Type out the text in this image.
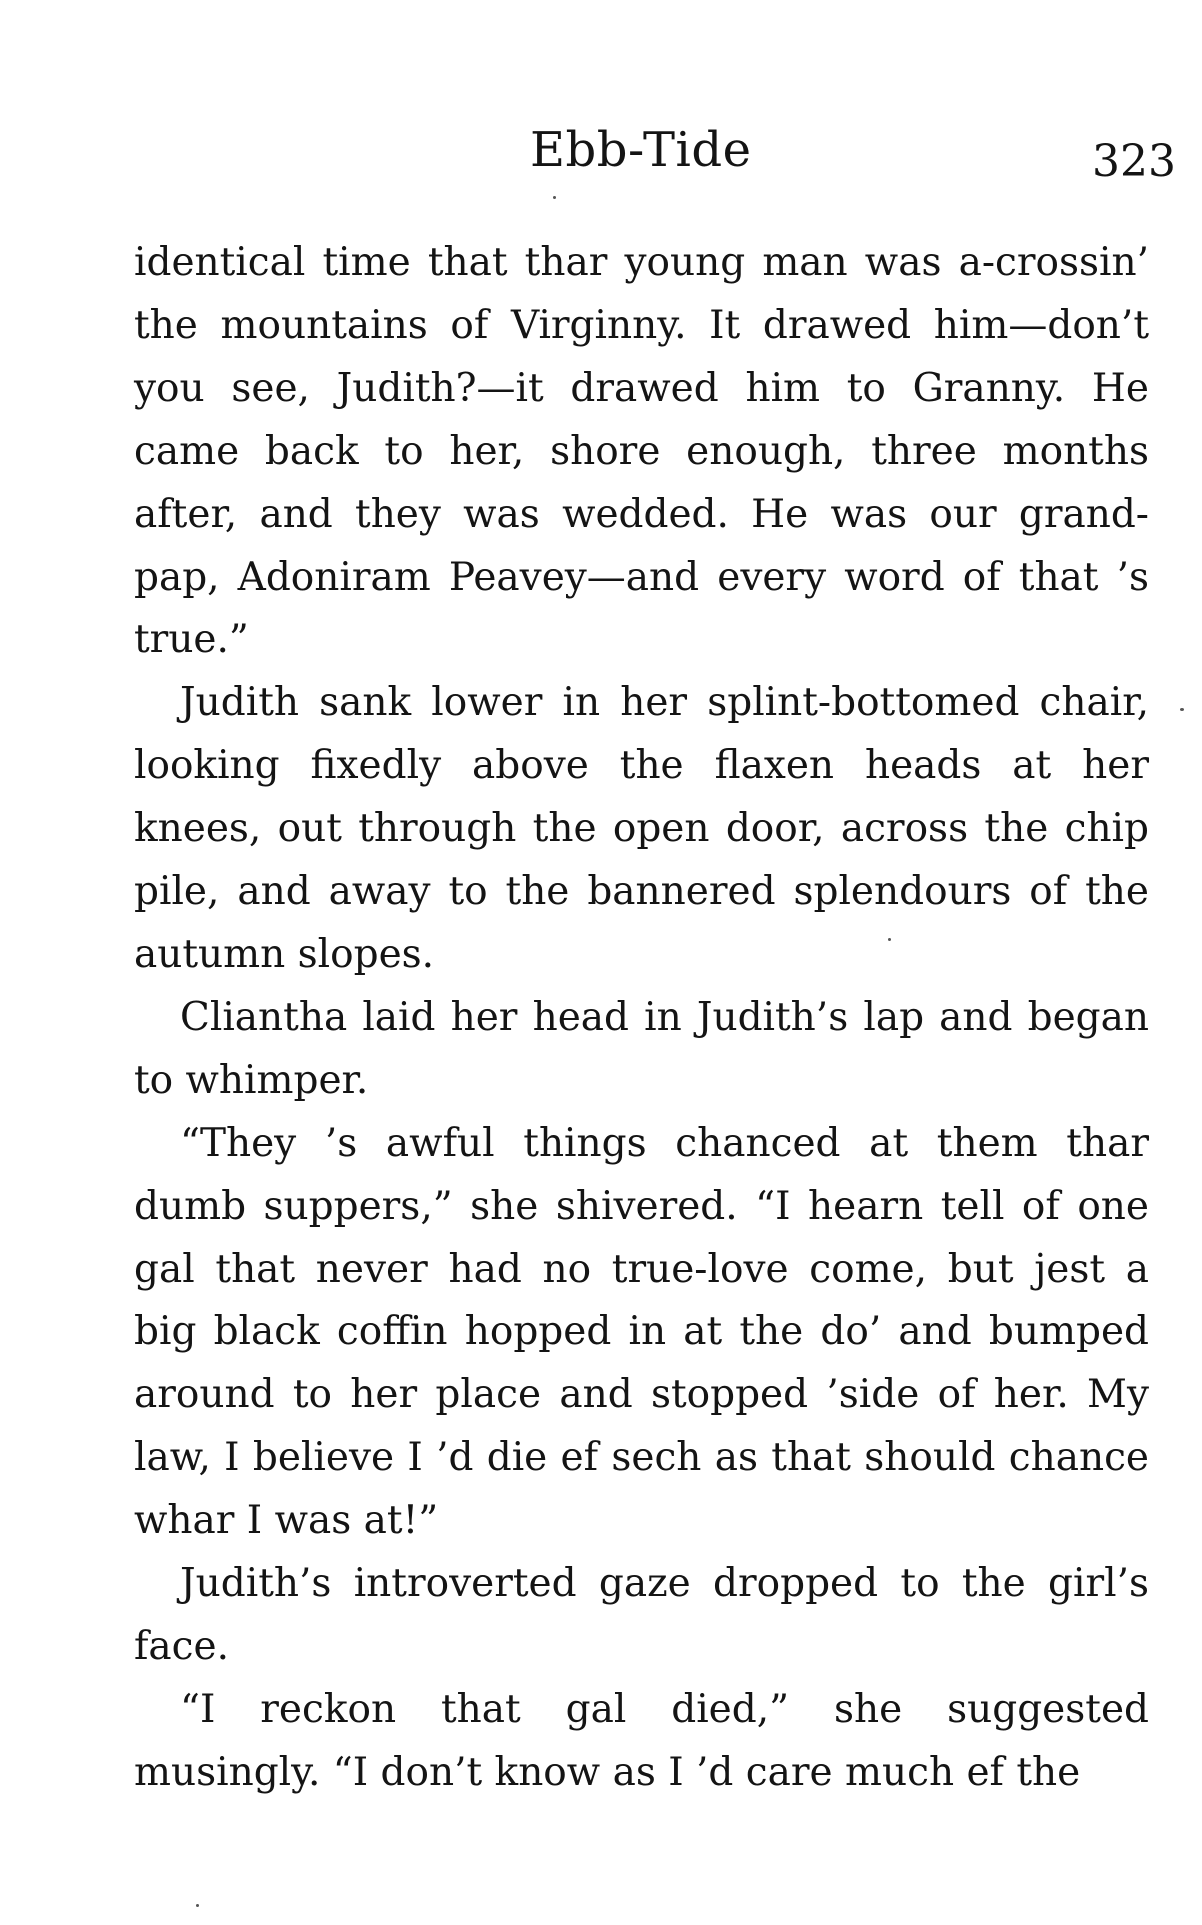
Ebb-Tide	323

identical time that thar young man was a-crossin’ the mountains of Virginny. It drawed him—don’t you see, Judith?—it drawed him to Granny. He came back to her, shore enough, three months after, and they was wedded. He was our grand-pap, Adoniram Peavey—and every word of that ’s true.”

Judith sank lower in her splint-bottomed chair, looking fixedly above the flaxen heads at her knees, out through the open door, across the chip pile, and away to the bannered splendours of the autumn slopes.

Cliantha laid her head in Judith’s lap and began to whimper.

“They ’s awful things chanced at them thar dumb suppers,” she shivered. “I hearn tell of one gal that never had no true-love come, but jest a big black coffin hopped in at the do’ and bumped around to her place and stopped ’side of her. My law, I believe I ’d die ef sech as that should chance whar I was at!”

Judith’s introverted gaze dropped to the girl’s face.

“I reckon that gal died,” she suggested musingly. “I don’t know as I ’d care much ef the
